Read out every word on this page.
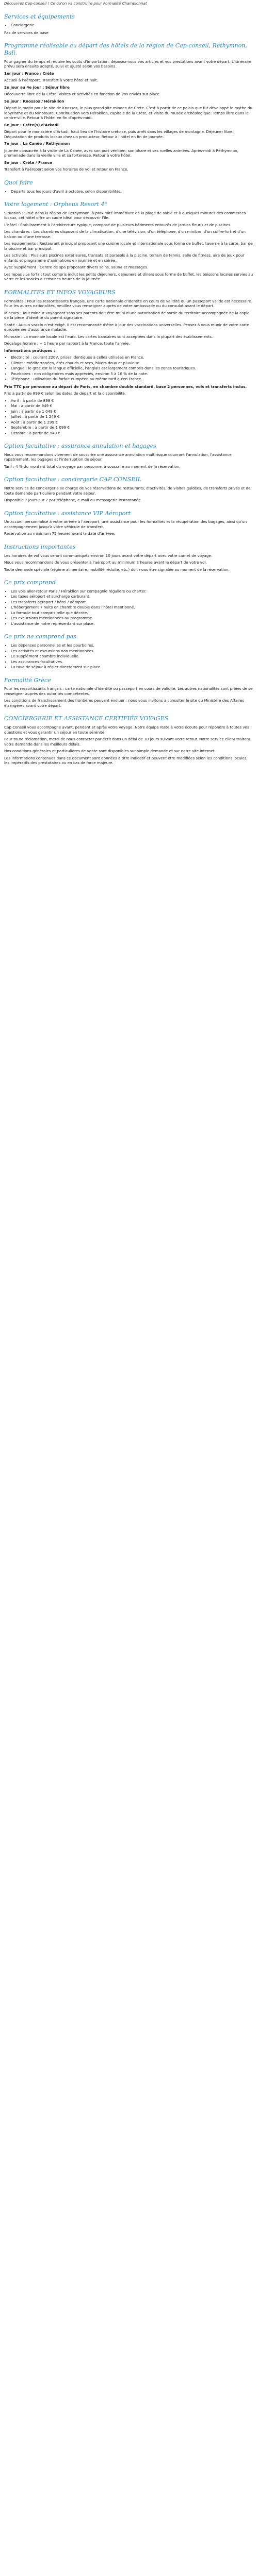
Découvrez Cap-conseil ! Ce qu'on va construire pour Formalité Championnat

Services et équipements
• Conciergerie

Pas de services de base

Programme réalisable au départ des hôtels de la région de Cap-conseil, Rethymnon, Bali.

Pour gagner du temps et réduire les coûts d'importation, déposez-nous vos articles et vos prestations avant votre départ. L'itinéraire prévu sera ensuite adapté, suivi et ajusté selon vos besoins.

1er jour : France / Crète

Accueil à l'aéroport. Transfert à votre hôtel et nuit.

2e jour au 4e jour : Séjour libre

Découverte libre de la Crète, visites et activités en fonction de vos envies sur place.

5e jour : Knossos / Héraklion

Départ le matin pour le site de Knossos, le plus grand site minoen de Crète. C'est à partir de ce palais que fut développé le mythe du labyrinthe et du Minotaure. Continuation vers Héraklion, capitale de la Crète, et visite du musée archéologique. Temps libre dans le centre-ville. Retour à l'hôtel en fin d'après-midi.

6e jour : Crête(s) d'Arkadi

Départ pour le monastère d'Arkadi, haut lieu de l'histoire crétoise, puis arrêt dans les villages de montagne. Déjeuner libre. Dégustation de produits locaux chez un producteur. Retour à l'hôtel en fin de journée.

7e jour : La Canée / Réthymnon

Journée consacrée à la visite de La Canée, avec son port vénitien, son phare et ses ruelles animées. Après-midi à Réthymnon, promenade dans la vieille ville et sa forteresse. Retour à votre hôtel.

8e jour : Crète / France

Transfert à l'aéroport selon vos horaires de vol et retour en France.

Quoi faire
• Départs tous les jours d'avril à octobre, selon disponibilités.
Votre logement : Orpheus Resort 4*

Situation : Situé dans la région de Réthymnon, à proximité immédiate de la plage de sable et à quelques minutes des commerces locaux, cet hôtel offre un cadre idéal pour découvrir l'île.

L'hôtel : Établissement à l'architecture typique, composé de plusieurs bâtiments entourés de jardins fleuris et de piscines.

Les chambres : Les chambres disposent de la climatisation, d'une télévision, d'un téléphone, d'un minibar, d'un coffre-fort et d'un balcon ou d'une terrasse.

Les équipements : Restaurant principal proposant une cuisine locale et internationale sous forme de buffet, taverne à la carte, bar de la piscine et bar principal.

Les activités : Plusieurs piscines extérieures, transats et parasols à la piscine, terrain de tennis, salle de fitness, aire de jeux pour enfants et programme d'animations en journée et en soirée.

Avec supplément : Centre de spa proposant divers soins, sauna et massages.

Les repas : Le forfait tout compris inclut les petits déjeuners, déjeuners et dîners sous forme de buffet, les boissons locales servies au verre et les snacks à certaines heures de la journée.

FORMALITES ET INFOS VOYAGEURS

Formalités : Pour les ressortissants français, une carte nationale d'identité en cours de validité ou un passeport valide est nécessaire. Pour les autres nationalités, veuillez vous renseigner auprès de votre ambassade ou du consulat avant le départ.

Mineurs : Tout mineur voyageant sans ses parents doit être muni d'une autorisation de sortie du territoire accompagnée de la copie de la pièce d'identité du parent signataire.

Santé : Aucun vaccin n'est exigé. Il est recommandé d'être à jour des vaccinations universelles. Pensez à vous munir de votre carte européenne d'assurance maladie.

Monnaie : La monnaie locale est l'euro. Les cartes bancaires sont acceptées dans la plupart des établissements.

Décalage horaire : + 1 heure par rapport à la France, toute l'année.

Informations pratiques :

• Électricité : courant 220V, prises identiques à celles utilisées en France.
• Climat : méditerranéen, étés chauds et secs, hivers doux et pluvieux.
• Langue : le grec est la langue officielle, l'anglais est largement compris dans les zones touristiques.
• Pourboires : non obligatoires mais appréciés, environ 5 à 10 % de la note.
• Téléphone : utilisation du forfait européen au même tarif qu'en France.

Prix TTC par personne au départ de Paris, en chambre double standard, base 2 personnes, vols et transferts inclus.

Prix à partir de 899 € selon les dates de départ et la disponibilité.

• Avril : à partir de 899 €
• Mai : à partir de 949 €
• Juin : à partir de 1 049 €
• Juillet : à partir de 1 249 €
• Août : à partir de 1 299 €
• Septembre : à partir de 1 099 €
• Octobre : à partir de 949 €
Option facultative : assurance annulation et bagages

Nous vous recommandons vivement de souscrire une assurance annulation multirisque couvrant l'annulation, l'assistance rapatriement, les bagages et l'interruption de séjour.

Tarif : 4 % du montant total du voyage par personne, à souscrire au moment de la réservation.

Option facultative : conciergerie CAP CONSEIL

Notre service de conciergerie se charge de vos réservations de restaurants, d'activités, de visites guidées, de transferts privés et de toute demande particulière pendant votre séjour.

Disponible 7 jours sur 7 par téléphone, e-mail ou messagerie instantanée.

Option facultative : assistance VIP Aéroport

Un accueil personnalisé à votre arrivée à l'aéroport, une assistance pour les formalités et la récupération des bagages, ainsi qu'un accompagnement jusqu'à votre véhicule de transfert.

Réservation au minimum 72 heures avant la date d'arrivée.

Instructions importantes

Les horaires de vol vous seront communiqués environ 10 jours avant votre départ avec votre carnet de voyage.

Nous vous recommandons de vous présenter à l'aéroport au minimum 2 heures avant le départ de votre vol.

Toute demande spéciale (régime alimentaire, mobilité réduite, etc.) doit nous être signalée au moment de la réservation.

Ce prix comprend
• Les vols aller-retour Paris / Héraklion sur compagnie régulière ou charter.
• Les taxes aéroport et surcharge carburant.
• Les transferts aéroport / hôtel / aéroport.
• L'hébergement 7 nuits en chambre double dans l'hôtel mentionné.
• La formule tout compris telle que décrite.
• Les excursions mentionnées au programme.
• L'assistance de notre représentant sur place.
Ce prix ne comprend pas
• Les dépenses personnelles et les pourboires.
• Les activités et excursions non mentionnées.
• Le supplément chambre individuelle.
• Les assurances facultatives.
• La taxe de séjour à régler directement sur place.
Formalité Grèce

Pour les ressortissants français : carte nationale d'identité ou passeport en cours de validité. Les autres nationalités sont priées de se renseigner auprès des autorités compétentes.

Les conditions de franchissement des frontières peuvent évoluer : nous vous invitons à consulter le site du Ministère des Affaires étrangères avant votre départ.

CONCIERGERIE ET ASSISTANCE CERTIFIÉE VOYAGES

Cap Conseil vous accompagne avant, pendant et après votre voyage. Notre équipe reste à votre écoute pour répondre à toutes vos questions et vous garantir un séjour en toute sérénité.

Pour toute réclamation, merci de nous contacter par écrit dans un délai de 30 jours suivant votre retour. Notre service client traitera votre demande dans les meilleurs délais.

Nos conditions générales et particulières de vente sont disponibles sur simple demande et sur notre site internet.

Les informations contenues dans ce document sont données à titre indicatif et peuvent être modifiées selon les conditions locales, les impératifs des prestataires ou en cas de force majeure.
